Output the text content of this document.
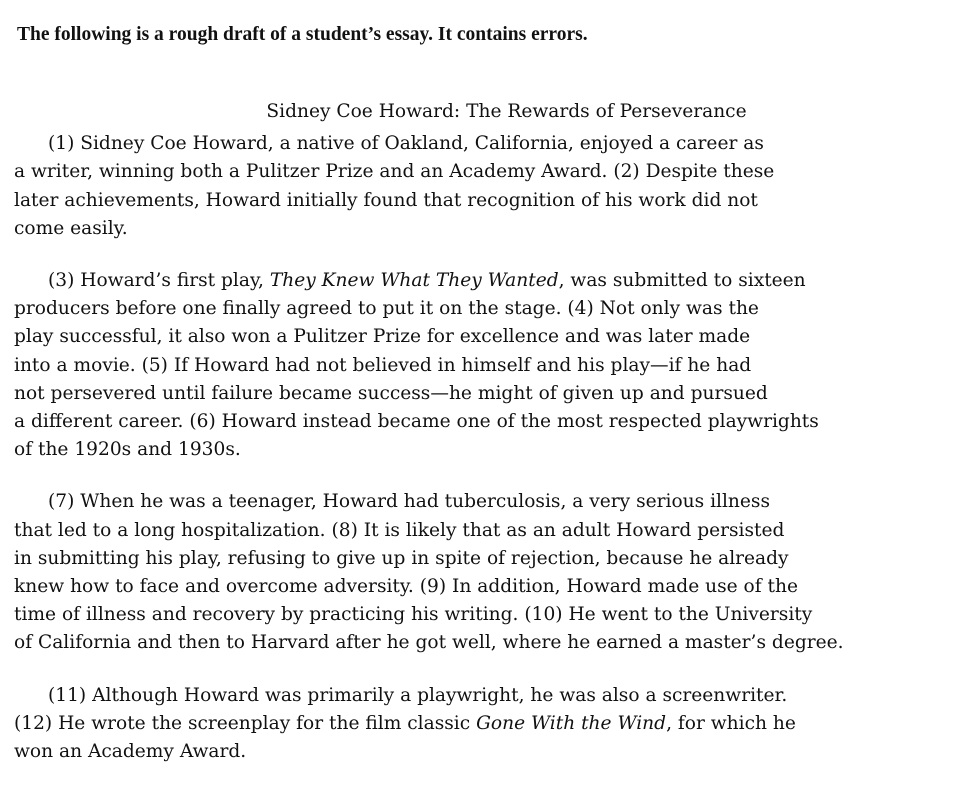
The following is a rough draft of a student’s essay. It contains errors.
Sidney Coe Howard: The Rewards of Perseverance
(1) Sidney Coe Howard, a native of Oakland, California, enjoyed a career as
a writer, winning both a Pulitzer Prize and an Academy Award. (2) Despite these
later achievements, Howard initially found that recognition of his work did not
come easily.
(3) Howard’s first play, They Knew What They Wanted, was submitted to sixteen
producers before one finally agreed to put it on the stage. (4) Not only was the
play successful, it also won a Pulitzer Prize for excellence and was later made
into a movie. (5) If Howard had not believed in himself and his play—if he had
not persevered until failure became success—he might of given up and pursued
a different career. (6) Howard instead became one of the most respected playwrights
of the 1920s and 1930s.
(7) When he was a teenager, Howard had tuberculosis, a very serious illness
that led to a long hospitalization. (8) It is likely that as an adult Howard persisted
in submitting his play, refusing to give up in spite of rejection, because he already
knew how to face and overcome adversity. (9) In addition, Howard made use of the
time of illness and recovery by practicing his writing. (10) He went to the University
of California and then to Harvard after he got well, where he earned a master’s degree.
(11) Although Howard was primarily a playwright, he was also a screenwriter.
(12) He wrote the screenplay for the film classic Gone With the Wind, for which he
won an Academy Award.
